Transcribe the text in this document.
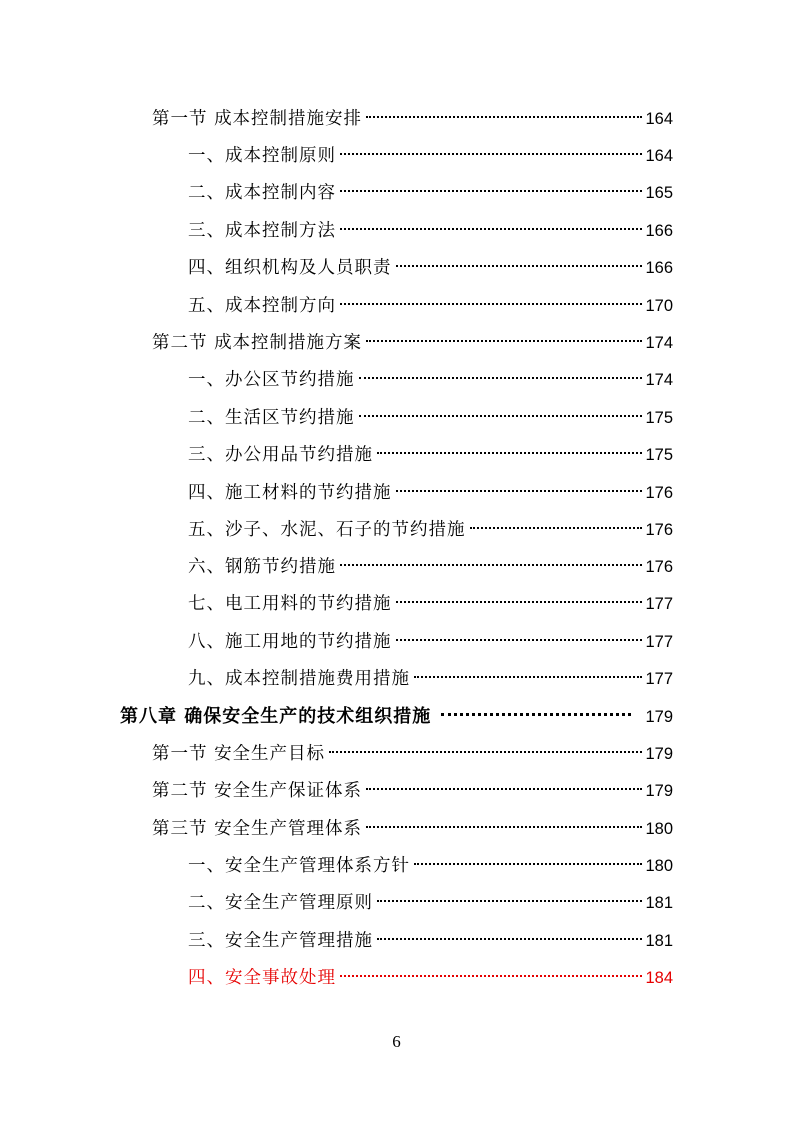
第一节 成本控制措施安排	164
一、成本控制原则	164
二、成本控制内容	165
三、成本控制方法	166
四、组织机构及人员职责	166
五、成本控制方向	170
第二节 成本控制措施方案	174
一、办公区节约措施	174
二、生活区节约措施	175
三、办公用品节约措施	175
四、施工材料的节约措施	176
五、沙子、水泥、石子的节约措施	176
六、钢筋节约措施	176
七、电工用料的节约措施	177
八、施工用地的节约措施	177
九、成本控制措施费用措施	177
第八章 确保安全生产的技术组织措施	179
第一节 安全生产目标	179
第二节 安全生产保证体系	179
第三节 安全生产管理体系	180
一、安全生产管理体系方针	180
二、安全生产管理原则	181
三、安全生产管理措施	181
四、安全事故处理	184
6
